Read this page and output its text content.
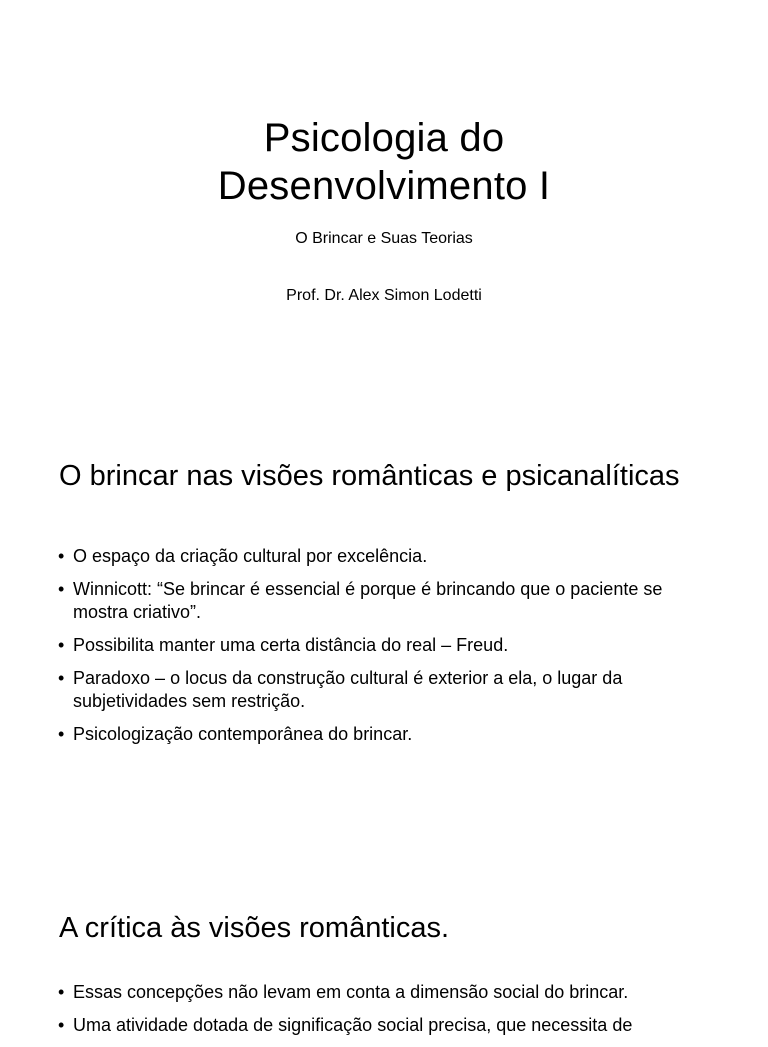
Psicologia do
Desenvolvimento I

O Brincar e Suas Teorias

Prof. Dr. Alex Simon Lodetti

O brincar nas visões românticas e psicanalíticas
• O espaço da criação cultural por excelência.
• Winnicott: “Se brincar é essencial é porque é brincando que o paciente se mostra criativo”.
• Possibilita manter uma certa distância do real – Freud.
• Paradoxo – o locus da construção cultural é exterior a ela, o lugar da subjetividades sem restrição.
• Psicologização contemporânea do brincar.
A crítica às visões românticas.
• Essas concepções não levam em conta a dimensão social do brincar.
• Uma atividade dotada de significação social precisa, que necessita de
